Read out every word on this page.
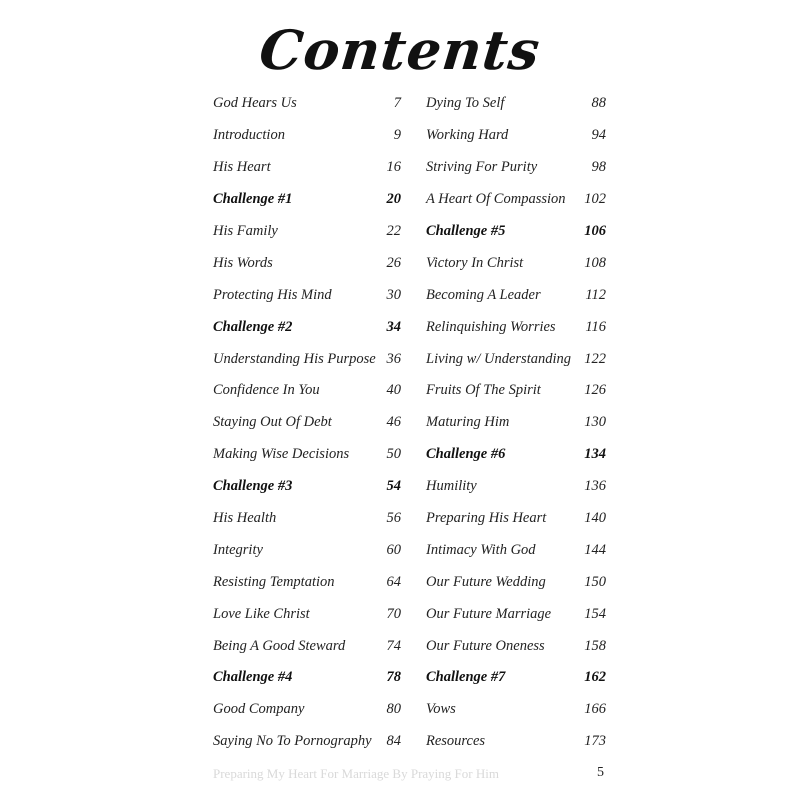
Contents
God Hears Us	7
Introduction	9
His Heart	16
Challenge #1	20
His Family	22
His Words	26
Protecting His Mind	30
Challenge #2	34
Understanding His Purpose 36
Confidence In You	40
Staying Out Of Debt	46
Making Wise Decisions	50
Challenge #3	54
His Health	56
Integrity	60
Resisting Temptation	64
Love Like Christ	70
Being A Good Steward	74
Challenge #4	78
Good Company	80
Saying No To Pornography 84
Dying To Self	88
Working Hard	94
Striving For Purity	98
A Heart Of Compassion 102
Challenge #5	106
Victory In Christ	108
Becoming A Leader	112
Relinquishing Worries 116
Living w/ Understanding 122
Fruits Of The Spirit	126
Maturing Him	130
Challenge #6	134
Humility	136
Preparing His Heart	140
Intimacy With God	144
Our Future Wedding	150
Our Future Marriage 154
Our Future Oneness	158
Challenge #7	162
Vows	166
Resources	173
Preparing My Heart For Marriage By Praying For Him	5
